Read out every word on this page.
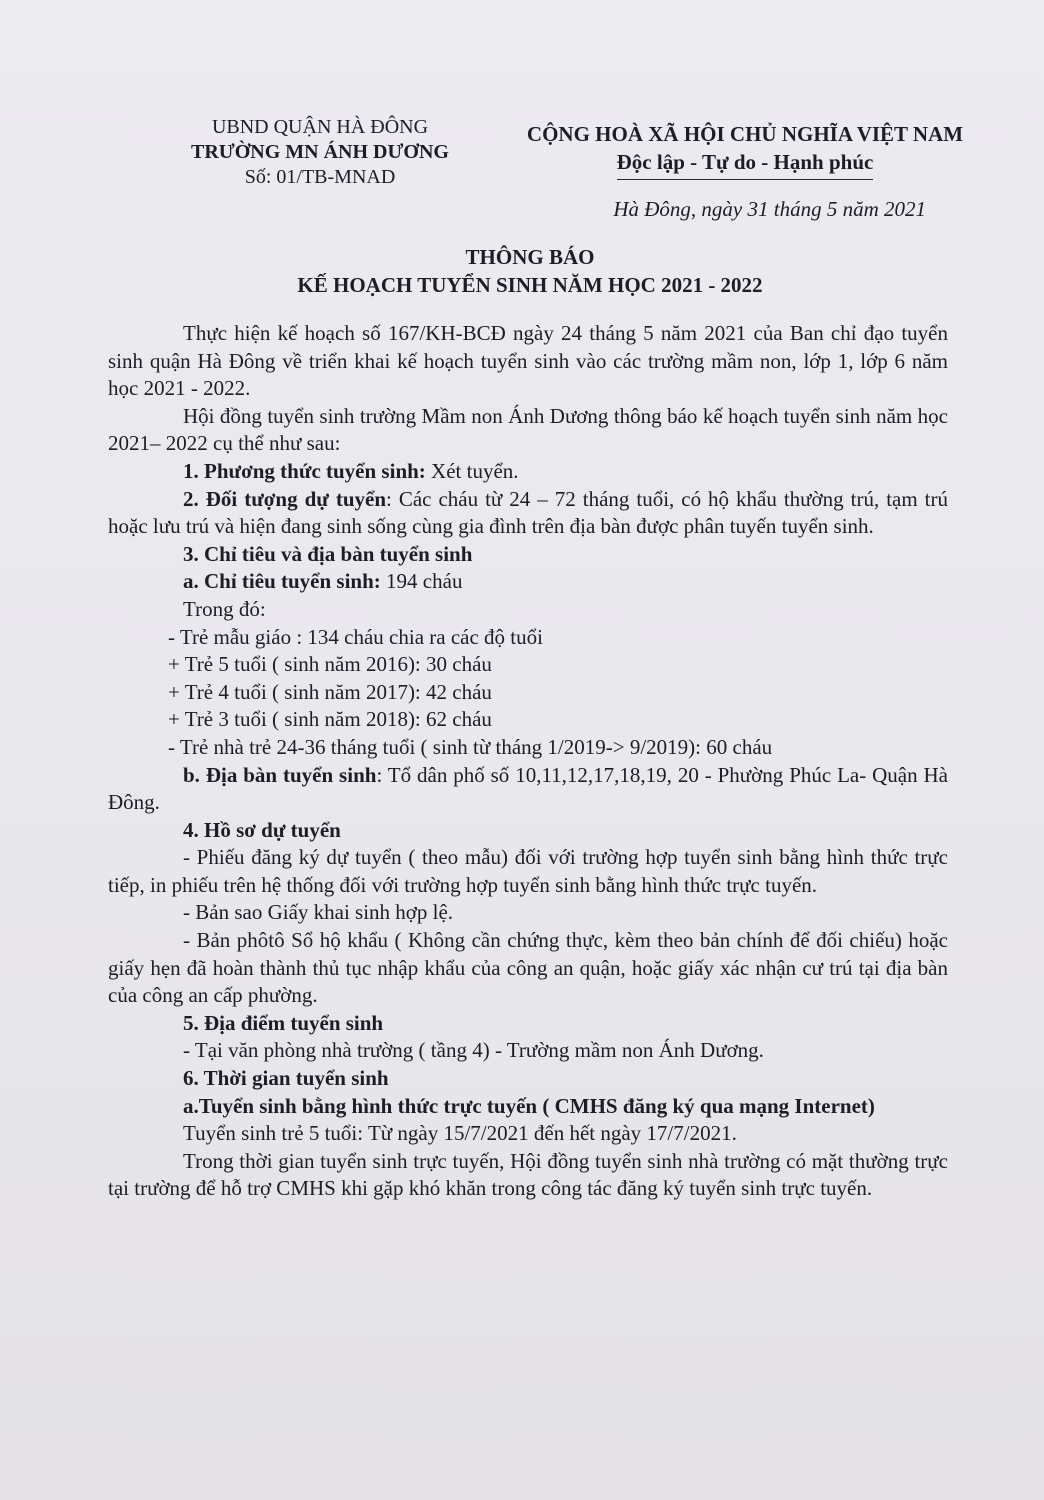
UBND QUẬN HÀ ĐÔNG
TRƯỜNG MN ÁNH DƯƠNG
Số: 01/TB-MNAD
CỘNG HOÀ XÃ HỘI CHỦ NGHĨA VIỆT NAM
Độc lập - Tự do - Hạnh phúc
Hà Đông, ngày 31 tháng 5 năm 2021
THÔNG BÁO
KẾ HOẠCH TUYỂN SINH NĂM HỌC 2021 - 2022

Thực hiện kế hoạch số 167/KH-BCĐ ngày 24 tháng 5 năm 2021 của Ban chỉ đạo tuyển sinh quận Hà Đông về triển khai kế hoạch tuyển sinh vào các trường mầm non, lớp 1, lớp 6 năm học 2021 - 2022.

Hội đồng tuyển sinh trường Mầm non Ánh Dương thông báo kế hoạch tuyển sinh năm học 2021– 2022 cụ thể như sau:

1. Phương thức tuyển sinh: Xét tuyển.

2. Đối tượng dự tuyển: Các cháu từ 24 – 72 tháng tuổi, có hộ khẩu thường trú, tạm trú hoặc lưu trú và hiện đang sinh sống cùng gia đình trên địa bàn được phân tuyến tuyển sinh.

3. Chỉ tiêu và địa bàn tuyển sinh

a. Chỉ tiêu tuyển sinh: 194 cháu

Trong đó:

- Trẻ mẫu giáo : 134 cháu chia ra các độ tuổi

+ Trẻ 5 tuổi ( sinh năm 2016): 30 cháu

+ Trẻ 4 tuổi ( sinh năm 2017): 42 cháu

+ Trẻ 3 tuổi ( sinh năm 2018): 62 cháu

- Trẻ nhà trẻ 24-36 tháng tuổi ( sinh từ tháng 1/2019-> 9/2019): 60 cháu

b. Địa bàn tuyển sinh: Tổ dân phố số 10,11,12,17,18,19, 20 - Phường Phúc La- Quận Hà Đông.

4. Hồ sơ dự tuyển

- Phiếu đăng ký dự tuyển ( theo mẫu) đối với trường hợp tuyển sinh bằng hình thức trực tiếp, in phiếu trên hệ thống đối với trường hợp tuyển sinh bằng hình thức trực tuyến.

- Bản sao Giấy khai sinh hợp lệ.

- Bản phôtô Sổ hộ khẩu ( Không cần chứng thực, kèm theo bản chính để đối chiếu) hoặc giấy hẹn đã hoàn thành thủ tục nhập khẩu của công an quận, hoặc giấy xác nhận cư trú tại địa bàn của công an cấp phường.

5. Địa điểm tuyển sinh

- Tại văn phòng nhà trường ( tầng 4) - Trường mầm non Ánh Dương.

6. Thời gian tuyển sinh

a.Tuyển sinh bằng hình thức trực tuyến ( CMHS đăng ký qua mạng Internet)

Tuyển sinh trẻ 5 tuổi: Từ ngày 15/7/2021 đến hết ngày 17/7/2021.

Trong thời gian tuyển sinh trực tuyến, Hội đồng tuyển sinh nhà trường có mặt thường trực tại trường để hỗ trợ CMHS khi gặp khó khăn trong công tác đăng ký tuyển sinh trực tuyến.
